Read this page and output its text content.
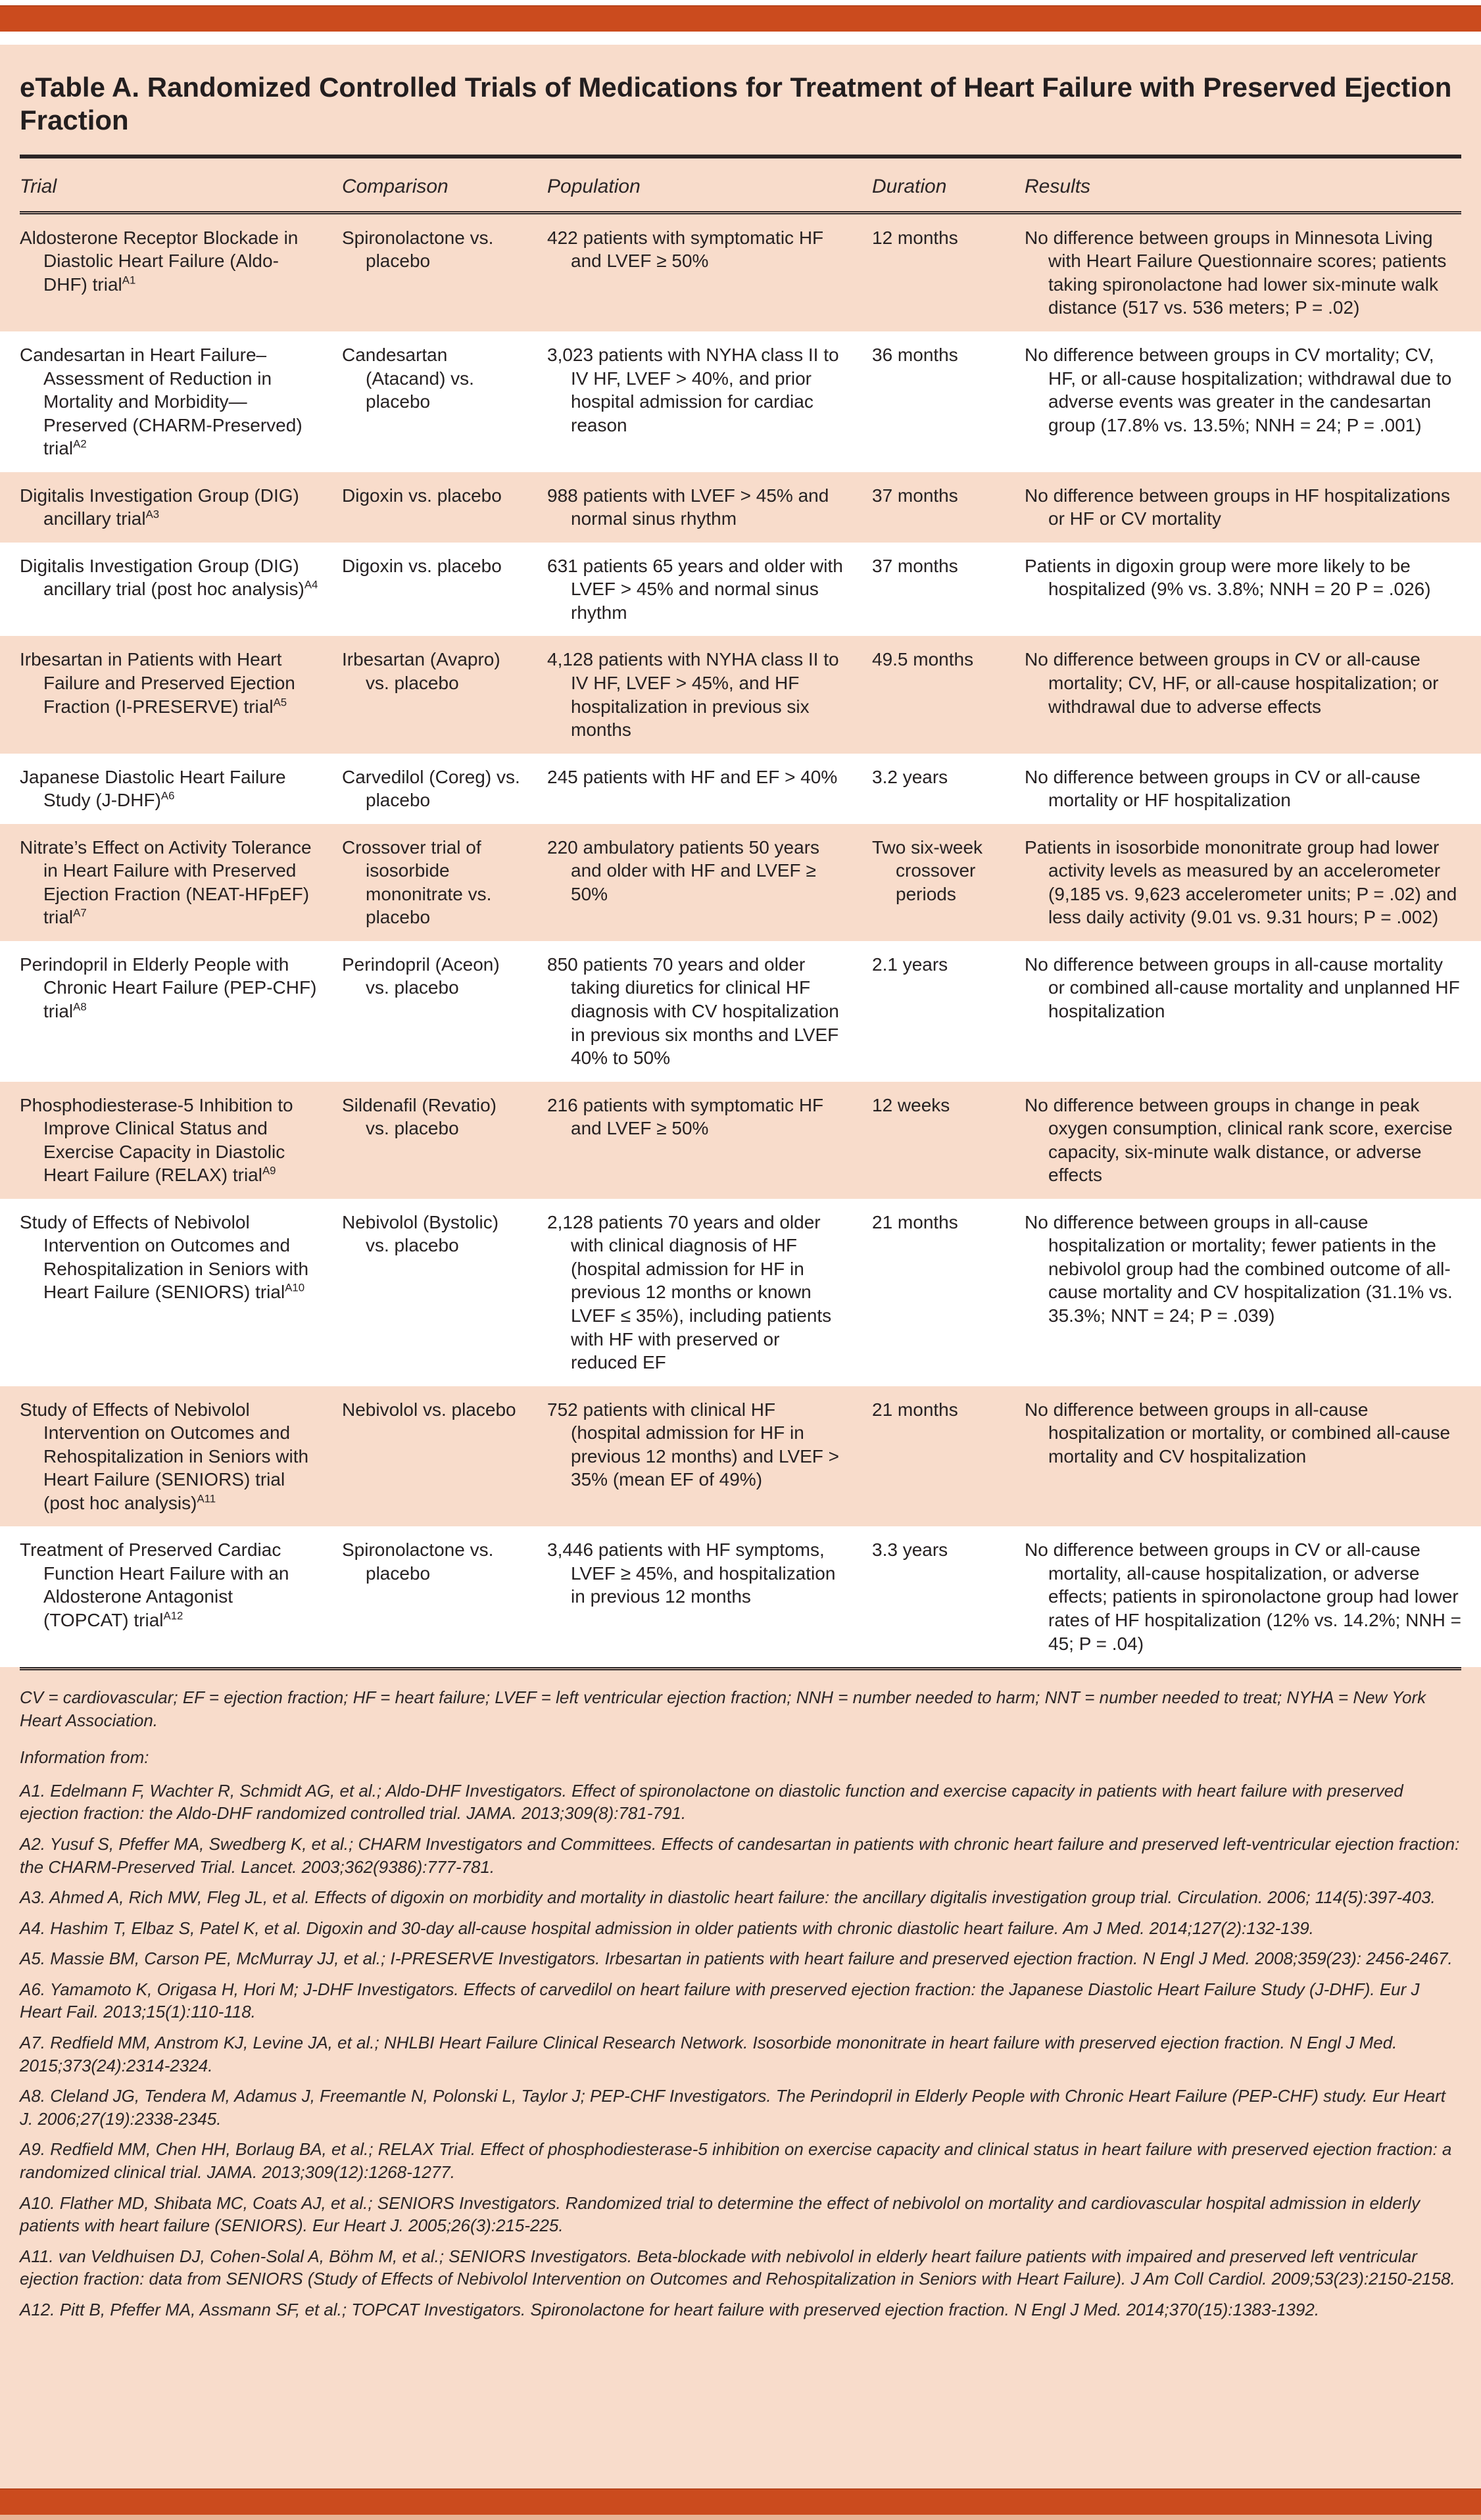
eTable A. Randomized Controlled Trials of Medications for Treatment of Heart Failure with Preserved Ejection Fraction
Trial	Comparison	Population	Duration	Results
Aldosterone Receptor Blockade in Diastolic Heart Failure (Aldo-DHF) trial$^{A1}$	Spironolactone vs. placebo	422 patients with symptomatic HF and LVEF ≥ 50%	12 months	No difference between groups in Minnesota Living with Heart Failure Questionnaire scores; patients taking spironolactone had lower six-minute walk distance (517 vs. 536 meters; P = .02)

Candesartan in Heart Failure–Assessment of Reduction in Mortality and Morbidity—Preserved (CHARM-Preserved) trial$^{A2}$	Candesartan (Atacand) vs. placebo	3,023 patients with NYHA class II to IV HF, LVEF > 40%, and prior hospital admission for cardiac reason	36 months	No difference between groups in CV mortality; CV, HF, or all-cause hospitalization; withdrawal due to adverse events was greater in the candesartan group (17.8% vs. 13.5%; NNH = 24; P = .001)

Digitalis Investigation Group (DIG) ancillary trial$^{A3}$	Digoxin vs. placebo	988 patients with LVEF > 45% and normal sinus rhythm	37 months	No difference between groups in HF hospitalizations or HF or CV mortality

Digitalis Investigation Group (DIG) ancillary trial (post hoc analysis)$^{A4}$	Digoxin vs. placebo	631 patients 65 years and older with LVEF > 45% and normal sinus rhythm	37 months	Patients in digoxin group were more likely to be hospitalized (9% vs. 3.8%; NNH = 20 P = .026)

Irbesartan in Patients with Heart Failure and Preserved Ejection Fraction (I-PRESERVE) trial$^{A5}$	Irbesartan (Avapro) vs. placebo	4,128 patients with NYHA class II to IV HF, LVEF > 45%, and HF hospitalization in previous six months	49.5 months	No difference between groups in CV or all-cause mortality; CV, HF, or all-cause hospitalization; or withdrawal due to adverse effects

Japanese Diastolic Heart Failure Study $(J-DHF)^{A6}$	Carvedilol (Coreg) vs. placebo	245 patients with HF and EF > 40%	3.2 years	No difference between groups in CV or all-cause mortality or HF hospitalization

Nitrate’s Effect on Activity Tolerance in Heart Failure with Preserved Ejection Fraction (NEAT-HFpEF) trial$^{A7}$	Crossover trial of isosorbide mononitrate vs. placebo	220 ambulatory patients 50 years and older with HF and LVEF ≥ 50%	Two six-week crossover periods	Patients in isosorbide mononitrate group had lower activity levels as measured by an accelerometer (9,185 vs. 9,623 accelerometer units; P = .02) and less daily activity (9.01 vs. 9.31 hours; P = .002)

Perindopril in Elderly People with Chronic Heart Failure (PEP-CHF) trial$^{A8}$	Perindopril (Aceon) vs. placebo	850 patients 70 years and older taking diuretics for clinical HF diagnosis with CV hospitalization in previous six months and LVEF 40% to 50%	2.1 years	No difference between groups in all-cause mortality or combined all-cause mortality and unplanned HF hospitalization

Phosphodiesterase-5 Inhibition to Improve Clinical Status and Exercise Capacity in Diastolic Heart Failure (RELAX) trial$^{A9}$	Sildenafil (Revatio) vs. placebo	216 patients with symptomatic HF and LVEF ≥ 50%	12 weeks	No difference between groups in change in peak oxygen consumption, clinical rank score, exercise capacity, six-minute walk distance, or adverse effects

Study of Effects of Nebivolol Intervention on Outcomes and Rehospitalization in Seniors with Heart Failure (SENIORS) trial$^{A10}$	Nebivolol (Bystolic) vs. placebo	2,128 patients 70 years and older with clinical diagnosis of HF (hospital admission for HF in previous 12 months or known LVEF ≤ 35%), including patients with HF with preserved or reduced EF	21 months	No difference between groups in all-cause hospitalization or mortality; fewer patients in the nebivolol group had the combined outcome of all-cause mortality and CV hospitalization (31.1% vs. 35.3%; NNT = 24; P = .039)

Study of Effects of Nebivolol Intervention on Outcomes and Rehospitalization in Seniors with Heart Failure (SENIORS) trial (post hoc analysis)$^{A11}$	Nebivolol vs. placebo	752 patients with clinical HF (hospital admission for HF in previous 12 months) and LVEF > 35% (mean EF of 49%)	21 months	No difference between groups in all-cause hospitalization or mortality, or combined all-cause mortality and CV hospitalization

Treatment of Preserved Cardiac Function Heart Failure with an Aldosterone Antagonist (TOPCAT) trial$^{A12}$	Spironolactone vs. placebo	3,446 patients with HF symptoms, LVEF ≥ 45%, and hospitalization in previous 12 months	3.3 years	No difference between groups in CV or all-cause mortality, all-cause hospitalization, or adverse effects; patients in spironolactone group had lower rates of HF hospitalization (12% vs. 14.2%; NNH = 45; P = .04)

CV = cardiovascular; EF = ejection fraction; HF = heart failure; LVEF = left ventricular ejection fraction; NNH = number needed to harm; NNT = number needed to treat; NYHA = New York Heart Association.

Information from:

A1. Edelmann F, Wachter R, Schmidt AG, et al.; Aldo-DHF Investigators. Effect of spironolactone on diastolic function and exercise capacity in patients with heart failure with preserved ejection fraction: the Aldo-DHF randomized controlled trial. JAMA. 2013;309(8):781-791.

A2. Yusuf S, Pfeffer MA, Swedberg K, et al.; CHARM Investigators and Committees. Effects of candesartan in patients with chronic heart failure and preserved left-ventricular ejection fraction: the CHARM-Preserved Trial. Lancet. 2003;362(9386):777-781.

A3. Ahmed A, Rich MW, Fleg JL, et al. Effects of digoxin on morbidity and mortality in diastolic heart failure: the ancillary digitalis investigation group trial. Circulation. 2006; 114(5):397-403.

A4. Hashim T, Elbaz S, Patel K, et al. Digoxin and 30-day all-cause hospital admission in older patients with chronic diastolic heart failure. Am J Med. 2014;127(2):132-139.

A5. Massie BM, Carson PE, McMurray JJ, et al.; I-PRESERVE Investigators. Irbesartan in patients with heart failure and preserved ejection fraction. N Engl J Med. 2008;359(23): 2456-2467.

A6. Yamamoto K, Origasa H, Hori M; J-DHF Investigators. Effects of carvedilol on heart failure with preserved ejection fraction: the Japanese Diastolic Heart Failure Study (J-DHF). Eur J Heart Fail. 2013;15(1):110-118.

A7. Redfield MM, Anstrom KJ, Levine JA, et al.; NHLBI Heart Failure Clinical Research Network. Isosorbide mononitrate in heart failure with preserved ejection fraction. N Engl J Med. 2015;373(24):2314-2324.

A8. Cleland JG, Tendera M, Adamus J, Freemantle N, Polonski L, Taylor J; PEP-CHF Investigators. The Perindopril in Elderly People with Chronic Heart Failure (PEP-CHF) study. Eur Heart J. 2006;27(19):2338-2345.

A9. Redfield MM, Chen HH, Borlaug BA, et al.; RELAX Trial. Effect of phosphodiesterase-5 inhibition on exercise capacity and clinical status in heart failure with preserved ejection fraction: a randomized clinical trial. JAMA. 2013;309(12):1268-1277.

A10. Flather MD, Shibata MC, Coats AJ, et al.; SENIORS Investigators. Randomized trial to determine the effect of nebivolol on mortality and cardiovascular hospital admission in elderly patients with heart failure (SENIORS). Eur Heart J. 2005;26(3):215-225.

A11. van Veldhuisen DJ, Cohen-Solal A, Böhm M, et al.; SENIORS Investigators. Beta-blockade with nebivolol in elderly heart failure patients with impaired and preserved left ventricular ejection fraction: data from SENIORS (Study of Effects of Nebivolol Intervention on Outcomes and Rehospitalization in Seniors with Heart Failure). J Am Coll Cardiol. 2009;53(23):2150-2158.

A12. Pitt B, Pfeffer MA, Assmann SF, et al.; TOPCAT Investigators. Spironolactone for heart failure with preserved ejection fraction. N Engl J Med. 2014;370(15):1383-1392.
